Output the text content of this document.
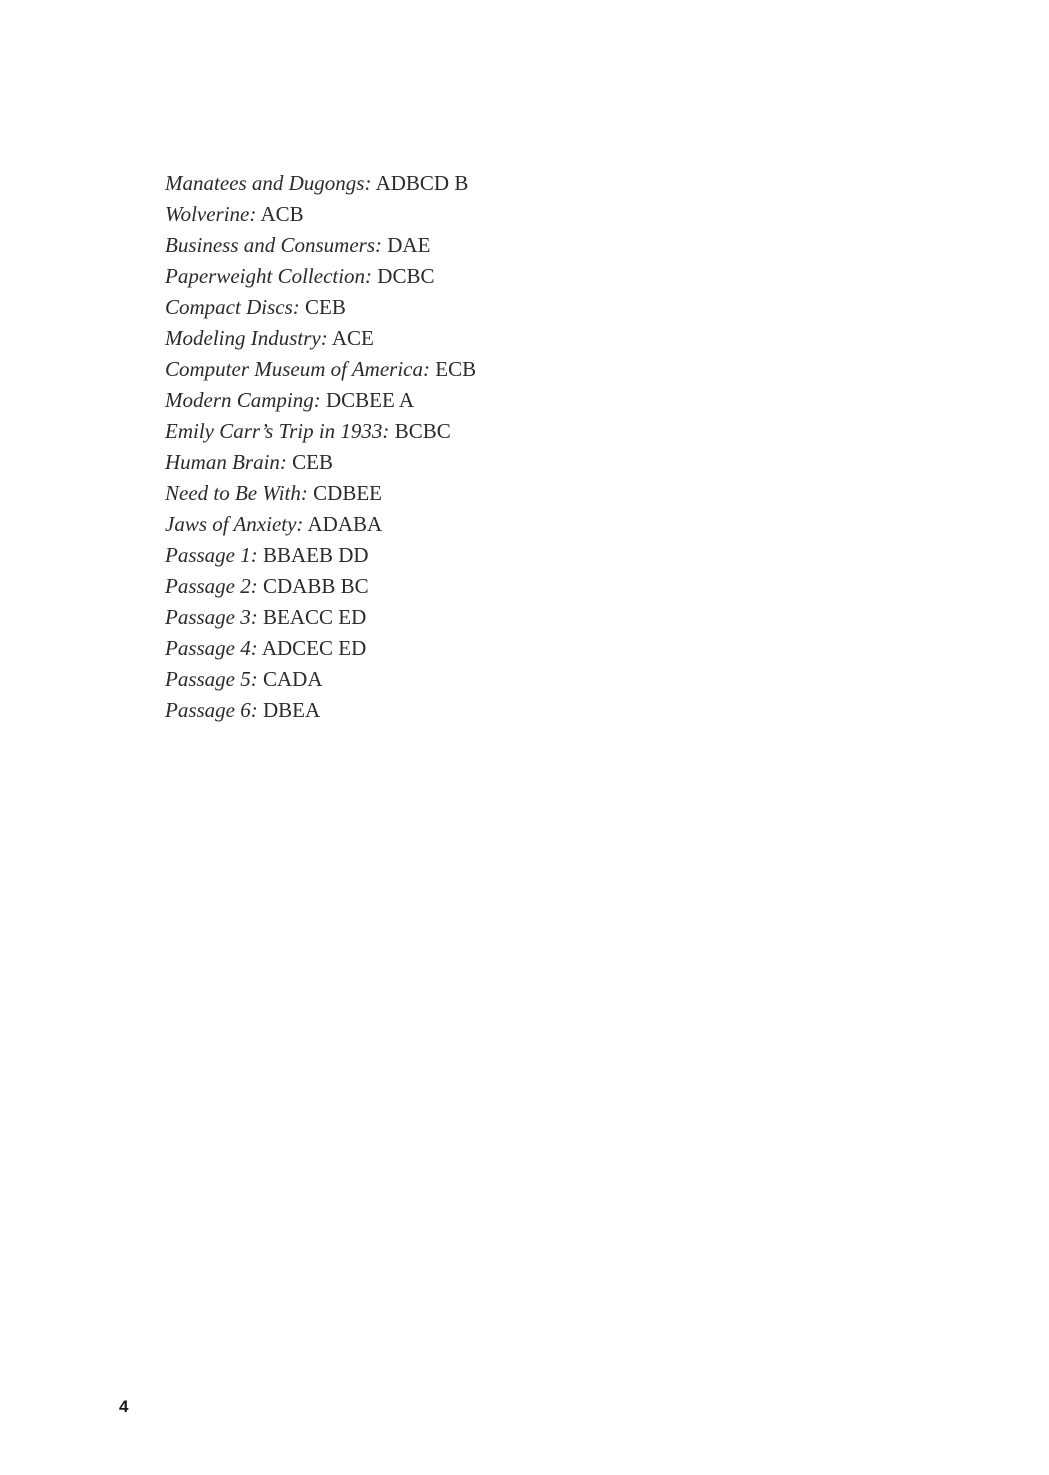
Manatees and Dugongs: ADBCD B
Wolverine: ACB
Business and Consumers: DAE
Paperweight Collection: DCBC
Compact Discs: CEB
Modeling Industry: ACE
Computer Museum of America: ECB
Modern Camping: DCBEE A
Emily Carr’s Trip in 1933: BCBC
Human Brain: CEB
Need to Be With: CDBEE
Jaws of Anxiety: ADABA
Passage 1: BBAEB DD
Passage 2: CDABB BC
Passage 3: BEACC ED
Passage 4: ADCEC ED
Passage 5: CADA
Passage 6: DBEA
4
